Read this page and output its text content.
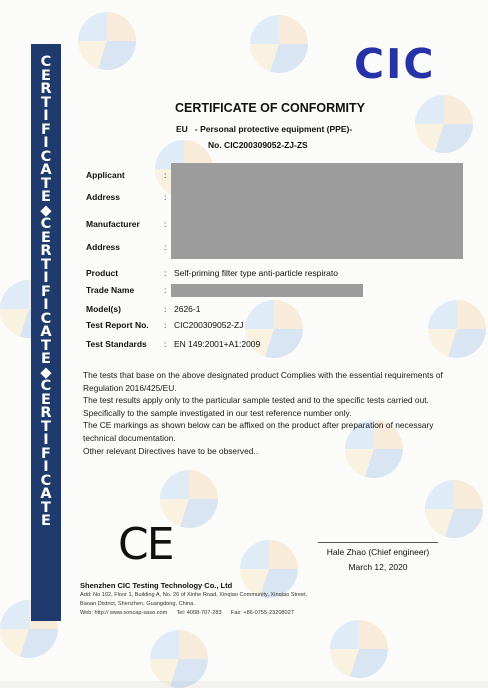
C
E
R
T
I
F
I
C
A
T
E
◆
C
E
R
T
I
F
I
C
A
T
E
◆
C
E
R
T
I
F
I
C
A
T
E
CIC
CERTIFICATE OF CONFORMITY
EU   - Personal protective equipment (PPE)-
No. CIC200309052-ZJ-ZS
Applicant	:
Address	:
Manufacturer	:
Address	:
Product	: Self-priming filter type anti-particle respirato
Trade Name	:
Model(s)	: 2626-1
Test Report No.	: CIC200309052-ZJ
Test Standards	: EN 149:2001+A1:2009

The tests that base on the above designated product Complies with the essential requirements of Regulation 2016/425/EU.

The test results apply only to the particular sample tested and to the specific tests carried out.

Specifically to the sample investigated in our test reference number only.

The CE markings as shown below can be affixed on the product after preparation of necessary technical documentation.

Other relevant Directives have to be observed..

CE	Hale Zhao (Chief engineer)
March 12, 2020
Shenzhen CIC Testing Technology Co., Ltd
Add: No.102, Floor 1, Building A, No. 26 of Xinhe Road, Xinqiao Community, Xinqiao Street,
Baoan District, Shenzhen, Guangdong, China.
Web: http:// www.soncap-saso.com      Tel: 4008-707-283      Fax: +86-0755-23208027
